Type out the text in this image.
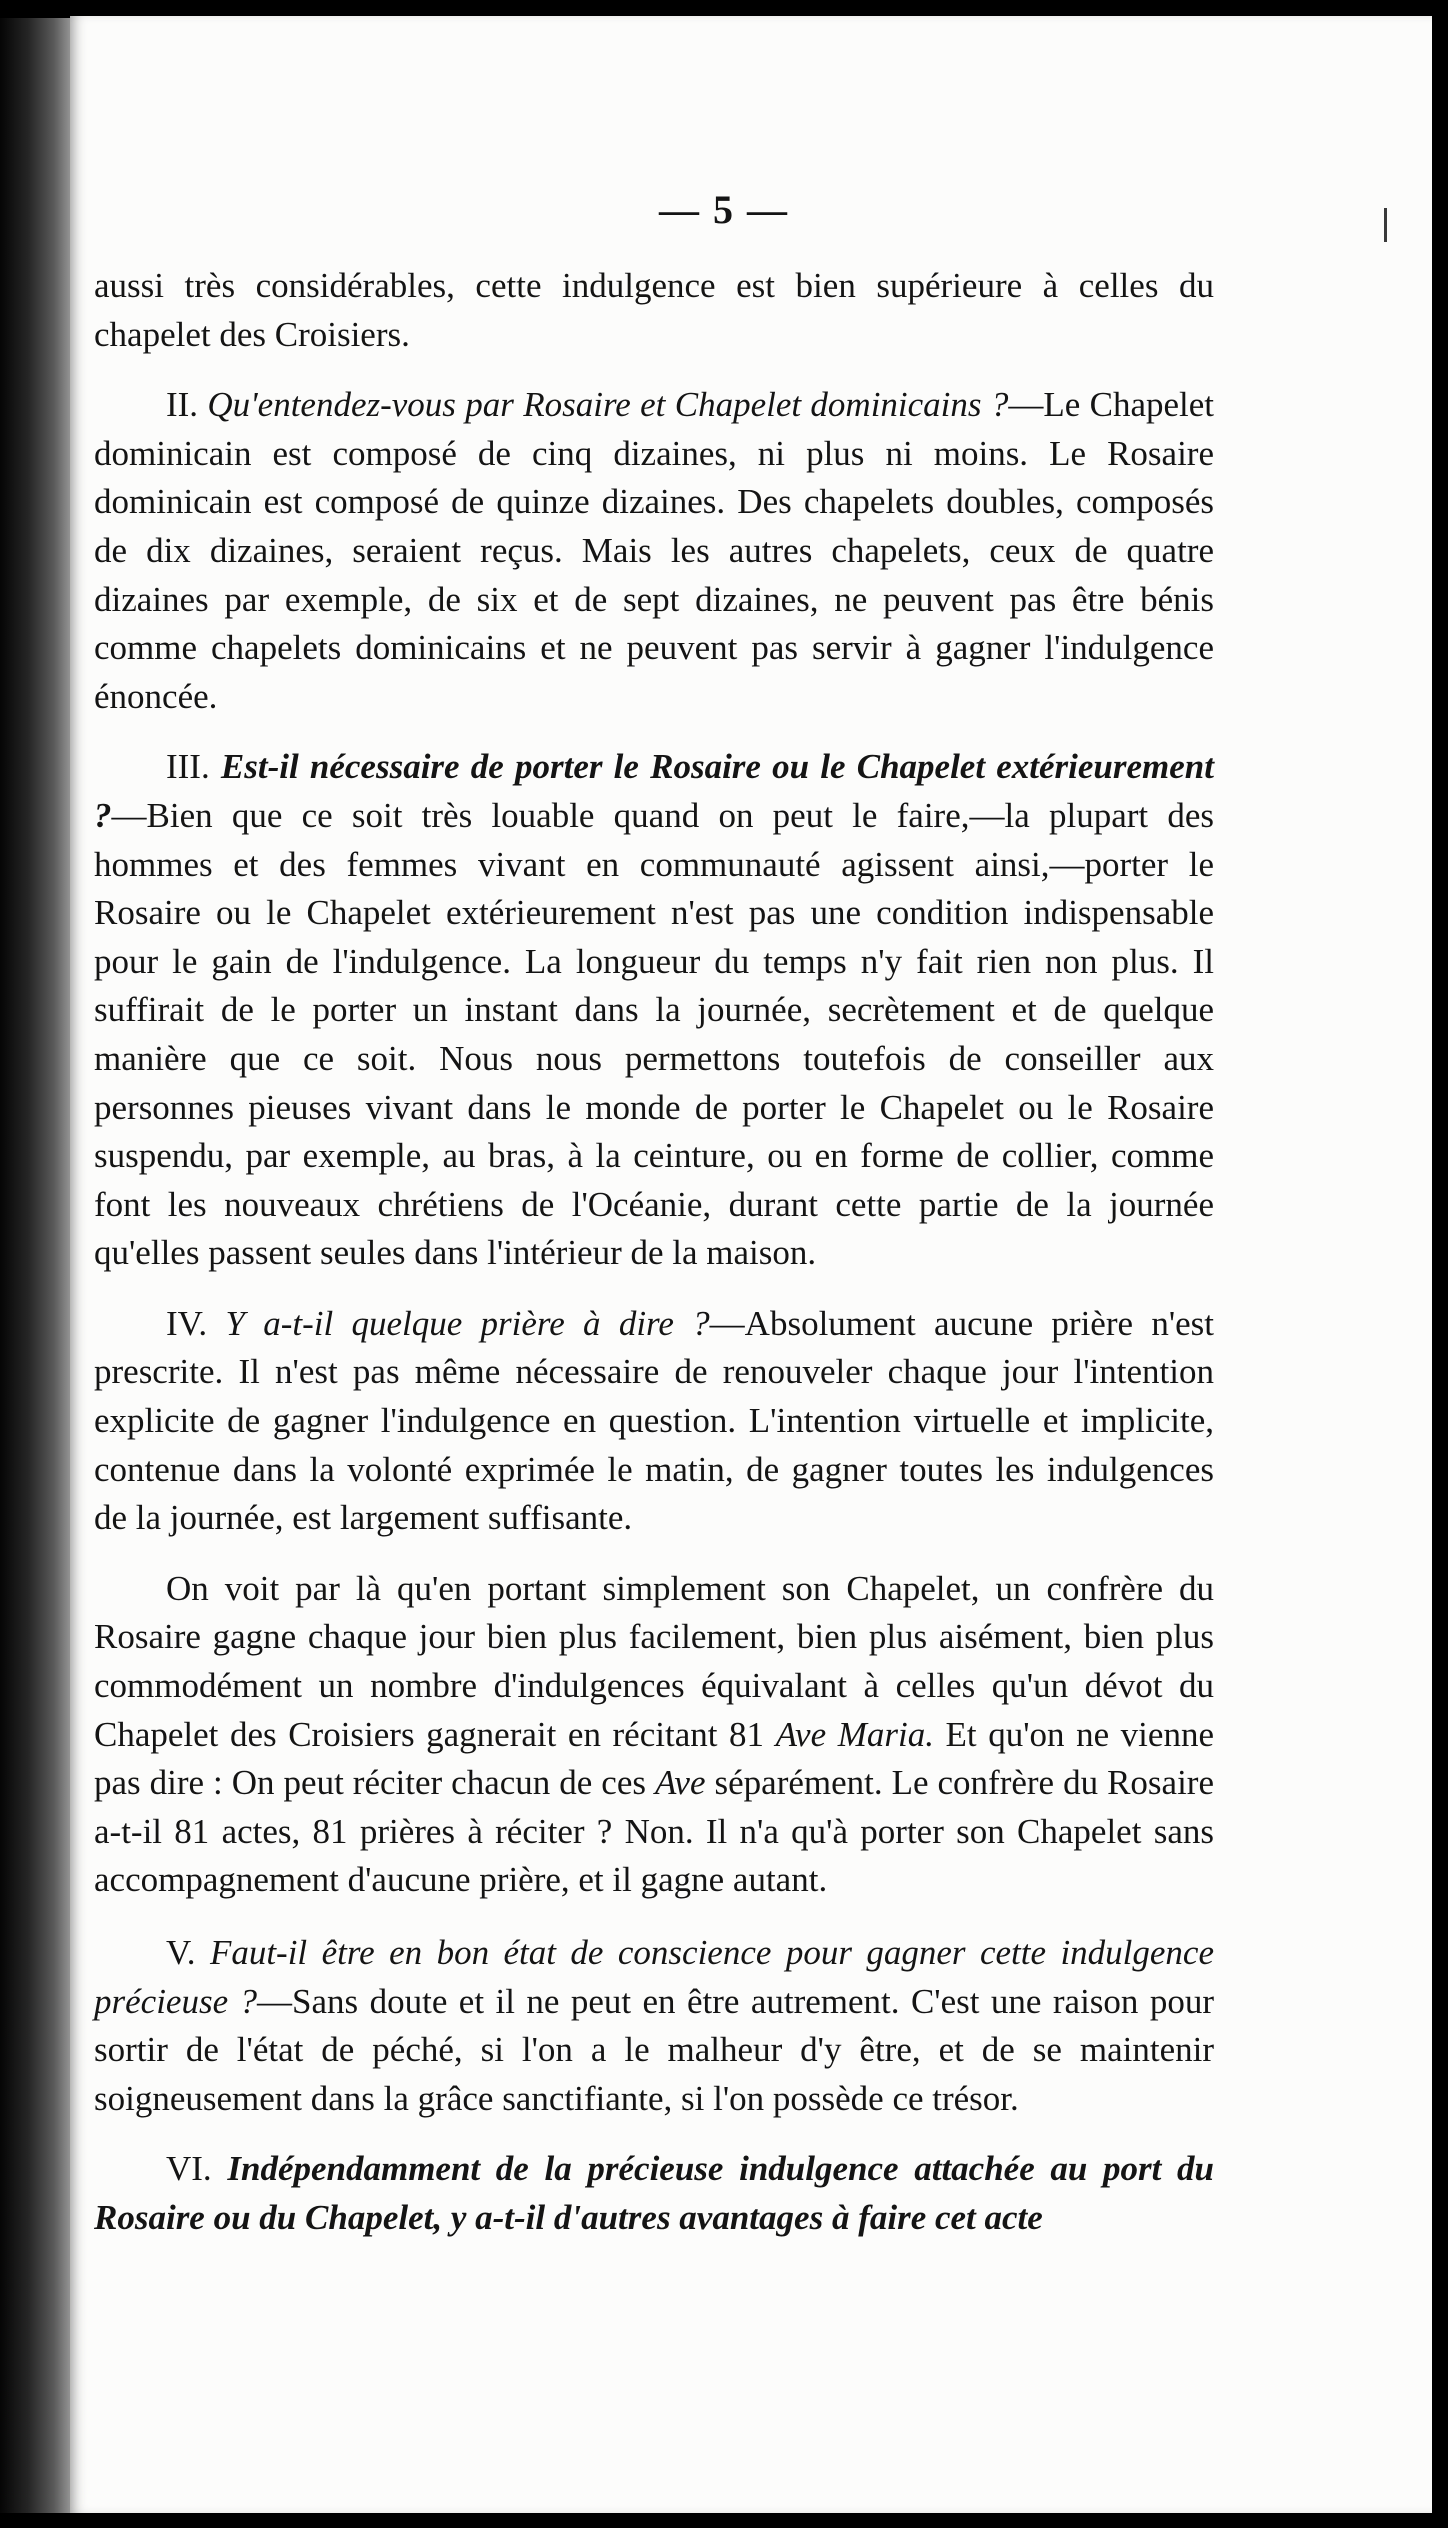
— 5 —

aussi très considérables, cette indulgence est bien supérieure à celles du chapelet des Croisiers.

II. Qu'entendez-vous par Rosaire et Chapelet dominicains ?—Le Chapelet dominicain est composé de cinq dizaines, ni plus ni moins. Le Rosaire dominicain est composé de quinze dizaines. Des chapelets doubles, composés de dix dizaines, seraient reçus. Mais les autres chapelets, ceux de quatre dizaines par exemple, de six et de sept dizaines, ne peuvent pas être bénis comme chapelets dominicains et ne peuvent pas servir à gagner l'indulgence énoncée.

III. Est-il nécessaire de porter le Rosaire ou le Chapelet extérieurement ?—Bien que ce soit très louable quand on peut le faire,—la plupart des hommes et des femmes vivant en communauté agissent ainsi,—porter le Rosaire ou le Chapelet extérieurement n'est pas une condition indispensable pour le gain de l'indulgence. La longueur du temps n'y fait rien non plus. Il suffirait de le porter un instant dans la journée, secrètement et de quelque manière que ce soit. Nous nous permettons toutefois de conseiller aux personnes pieuses vivant dans le monde de porter le Chapelet ou le Rosaire suspendu, par exemple, au bras, à la ceinture, ou en forme de collier, comme font les nouveaux chrétiens de l'Océanie, durant cette partie de la journée qu'elles passent seules dans l'intérieur de la maison.

IV. Y a-t-il quelque prière à dire ?—Absolument aucune prière n'est prescrite. Il n'est pas même nécessaire de renouveler chaque jour l'intention explicite de gagner l'indulgence en question. L'intention virtuelle et implicite, contenue dans la volonté exprimée le matin, de gagner toutes les indulgences de la journée, est largement suffisante.

On voit par là qu'en portant simplement son Chapelet, un confrère du Rosaire gagne chaque jour bien plus facilement, bien plus aisément, bien plus commodément un nombre d'indulgences équivalant à celles qu'un dévot du Chapelet des Croisiers gagnerait en récitant 81 Ave Maria. Et qu'on ne vienne pas dire : On peut réciter chacun de ces Ave séparément. Le confrère du Rosaire a-t-il 81 actes, 81 prières à réciter ? Non. Il n'a qu'à porter son Chapelet sans accompagnement d'aucune prière, et il gagne autant.

V. Faut-il être en bon état de conscience pour gagner cette indulgence précieuse ?—Sans doute et il ne peut en être autrement. C'est une raison pour sortir de l'état de péché, si l'on a le malheur d'y être, et de se maintenir soigneusement dans la grâce sanctifiante, si l'on possède ce trésor.

VI. Indépendamment de la précieuse indulgence attachée au port du Rosaire ou du Chapelet, y a-t-il d'autres avantages à faire cet acte
